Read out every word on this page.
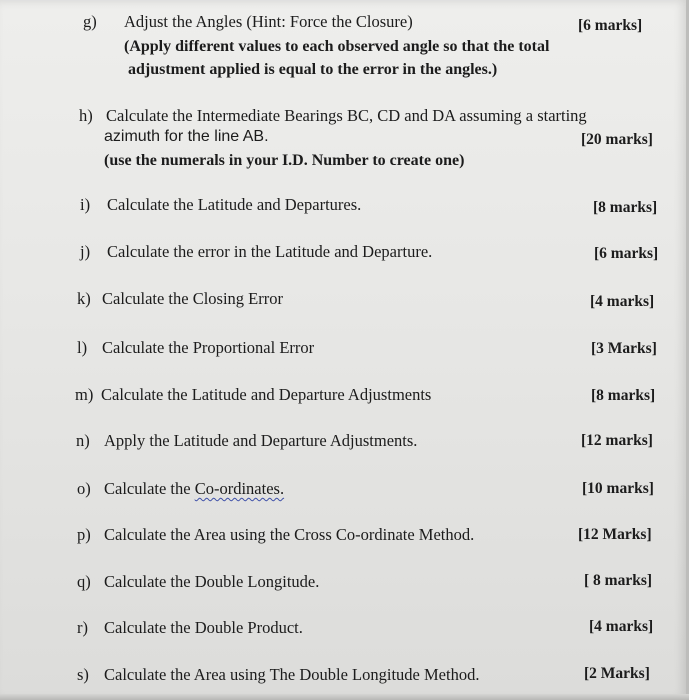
g) Adjust the Angles (Hint: Force the Closure)	[6 marks]
(Apply different values to each observed angle so that the total
adjustment applied is equal to the error in the angles.)
h) Calculate the Intermediate Bearings BC, CD and DA assuming a starting
azimuth for the line AB.	[20 marks]
(use the numerals in your I.D. Number to create one)
i) Calculate the Latitude and Departures.	[8 marks]
j) Calculate the error in the Latitude and Departure.	[6 marks]
k) Calculate the Closing Error	[4 marks]
l) Calculate the Proportional Error	[3 Marks]
m) Calculate the Latitude and Departure Adjustments	[8 marks]
n) Apply the Latitude and Departure Adjustments.	[12 marks]
o) Calculate the Co-ordinates.	[10 marks]
p) Calculate the Area using the Cross Co-ordinate Method.	[12 Marks]
q) Calculate the Double Longitude.	[ 8 marks]
r) Calculate the Double Product.	[4 marks]
s) Calculate the Area using The Double Longitude Method.	[2 Marks]
